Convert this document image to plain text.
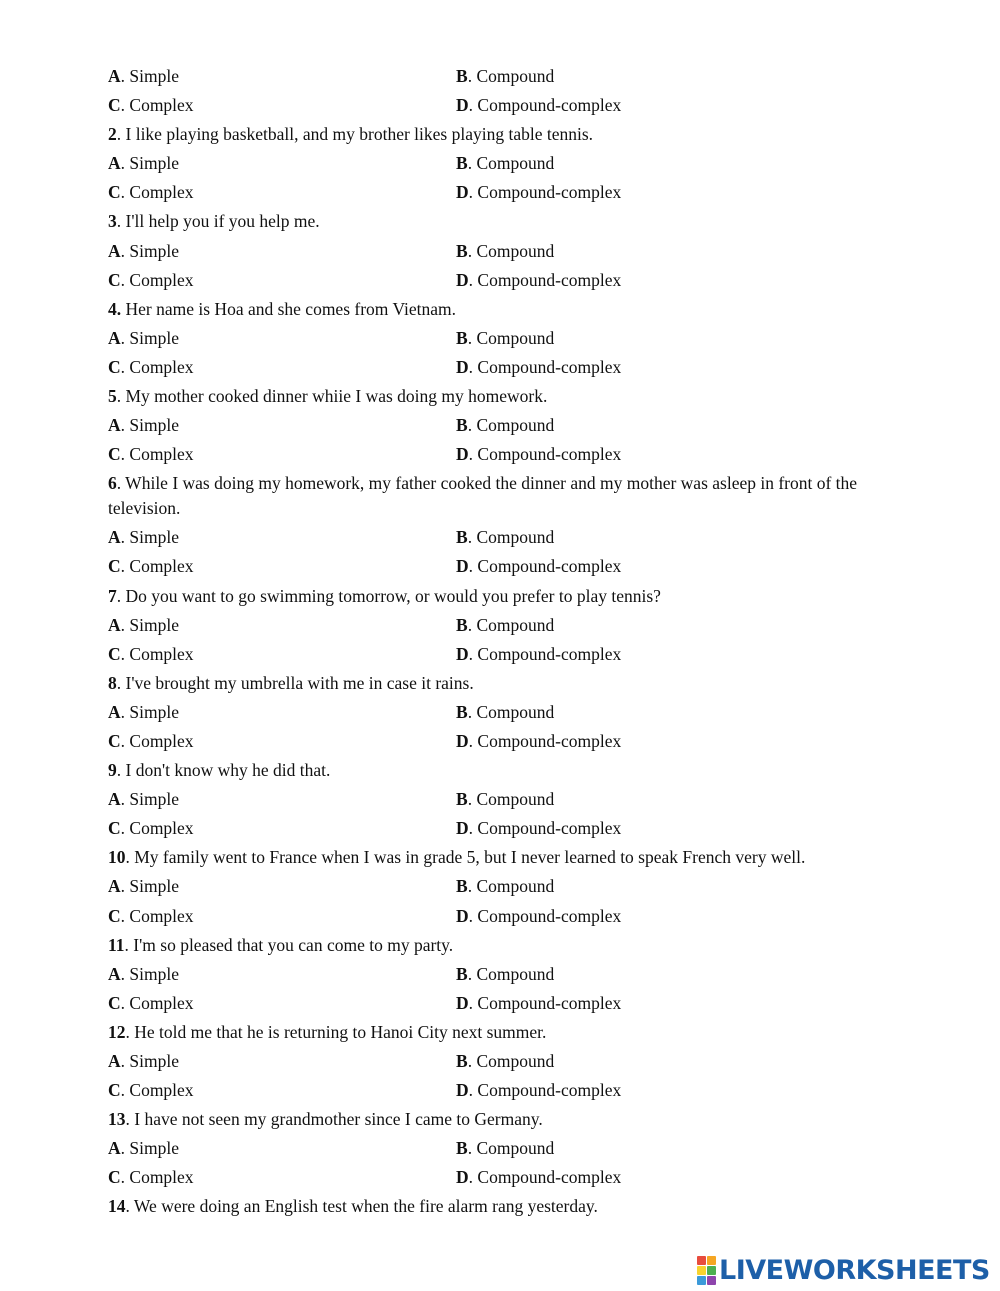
A. Simple	B. Compound
C. Complex	D. Compound-complex
2. I like playing basketball, and my brother likes playing table tennis.
A. Simple	B. Compound
C. Complex	D. Compound-complex
3. I'll help you if you help me.
A. Simple	B. Compound
C. Complex	D. Compound-complex
4. Her name is Hoa and she comes from Vietnam.
A. Simple	B. Compound
C. Complex	D. Compound-complex
5. My mother cooked dinner whiie I was doing my homework.
A. Simple	B. Compound
C. Complex	D. Compound-complex
6. While I was doing my homework, my father cooked the dinner and my mother was asleep in front of the television.
A. Simple	B. Compound
C. Complex	D. Compound-complex
7. Do you want to go swimming tomorrow, or would you prefer to play tennis?
A. Simple	B. Compound
C. Complex	D. Compound-complex
8. I've brought my umbrella with me in case it rains.
A. Simple	B. Compound
C. Complex	D. Compound-complex
9. I don't know why he did that.
A. Simple	B. Compound
C. Complex	D. Compound-complex
10. My family went to France when I was in grade 5, but I never learned to speak French very well.
A. Simple	B. Compound
C. Complex	D. Compound-complex
11. I'm so pleased that you can come to my party.
A. Simple	B. Compound
C. Complex	D. Compound-complex
12. He told me that he is returning to Hanoi City next summer.
A. Simple	B. Compound
C. Complex	D. Compound-complex
13. I have not seen my grandmother since I came to Germany.
A. Simple	B. Compound
C. Complex	D. Compound-complex
14. We were doing an English test when the fire alarm rang yesterday.
LIVEWORKSHEETS
